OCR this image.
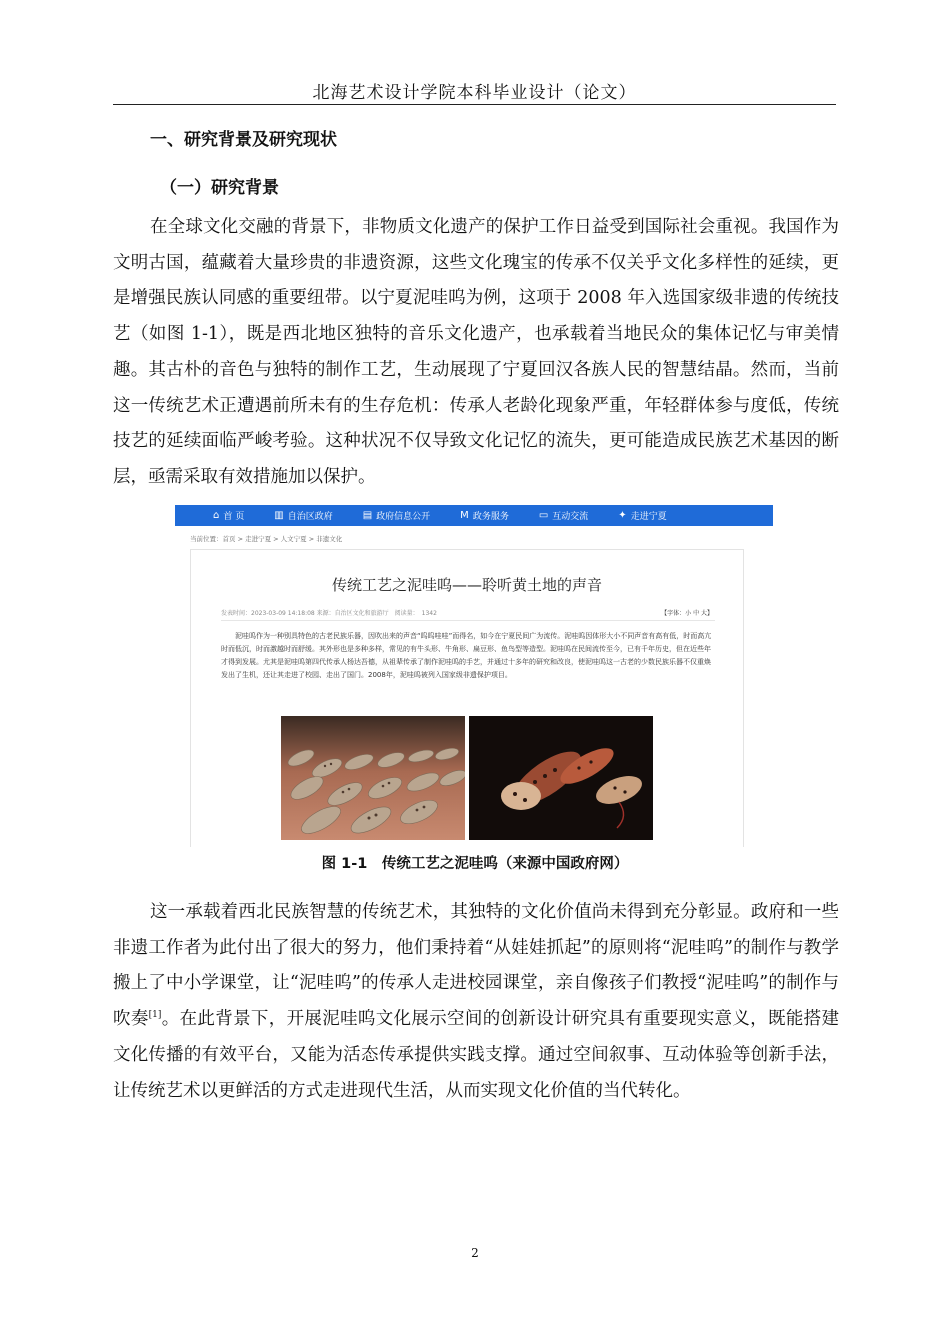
北海艺术设计学院本科毕业设计（论文）
一、研究背景及研究现状
（一）研究背景

在全球文化交融的背景下，非物质文化遗产的保护工作日益受到国际社会重视。我国作为文明古国，蕴藏着大量珍贵的非遗资源，这些文化瑰宝的传承不仅关乎文化多样性的延续，更是增强民族认同感的重要纽带。以宁夏泥哇呜为例，这项于 2008 年入选国家级非遗的传统技艺（如图 1-1），既是西北地区独特的音乐文化遗产，也承载着当地民众的集体记忆与审美情趣。其古朴的音色与独特的制作工艺，生动展现了宁夏回汉各族人民的智慧结晶。然而，当前这一传统艺术正遭遇前所未有的生存危机：传承人老龄化现象严重，年轻群体参与度低，传统技艺的延续面临严峻考验。这种状况不仅导致文化记忆的流失，更可能造成民族艺术基因的断层，亟需采取有效措施加以保护。

⌂ 首 页	▥ 自治区政府	▤ 政府信息公开	M 政务服务	▭ 互动交流	✦ 走进宁夏
当前位置：首页 > 走进宁夏 > 人文宁夏 > 非遗文化
传统工艺之泥哇呜——聆听黄土地的声音
发表时间：2023-03-09 14:18:08 来源：自治区文化和旅游厅　阅读量：　1342	【字体：小 中 大】
泥哇呜作为一种别具特色的古老民族乐器，因吹出来的声音“呜呜哇哇”而得名，如今在宁夏民间广为流传。泥哇呜因体形大小不同声音有高有低，时而高亢时而低沉，时而激越时而舒缓。其外形也是多种多样，常见的有牛头形、牛角形、扁豆形、鱼鸟型等造型。泥哇呜在民间流传至今，已有千年历史，但在近些年才得到发展。尤其是泥哇呜第四代传承人杨达吾德，从祖辈传承了制作泥哇呜的手艺，并通过十多年的研究和改良，使泥哇呜这一古老的少数民族乐器不仅重焕发出了生机，还让其走进了校园、走出了国门。2008年，泥哇呜被列入国家级非遗保护项目。
图 1-1　传统工艺之泥哇呜（来源中国政府网）

这一承载着西北民族智慧的传统艺术，其独特的文化价值尚未得到充分彰显。政府和一些非遗工作者为此付出了很大的努力，他们秉持着“从娃娃抓起”的原则将“泥哇呜”的制作与教学搬上了中小学课堂，让“泥哇呜”的传承人走进校园课堂，亲自像孩子们教授“泥哇呜”的制作与吹奏[1]。在此背景下，开展泥哇呜文化展示空间的创新设计研究具有重要现实意义，既能搭建文化传播的有效平台，又能为活态传承提供实践支撑。通过空间叙事、互动体验等创新手法，让传统艺术以更鲜活的方式走进现代生活，从而实现文化价值的当代转化。

2
